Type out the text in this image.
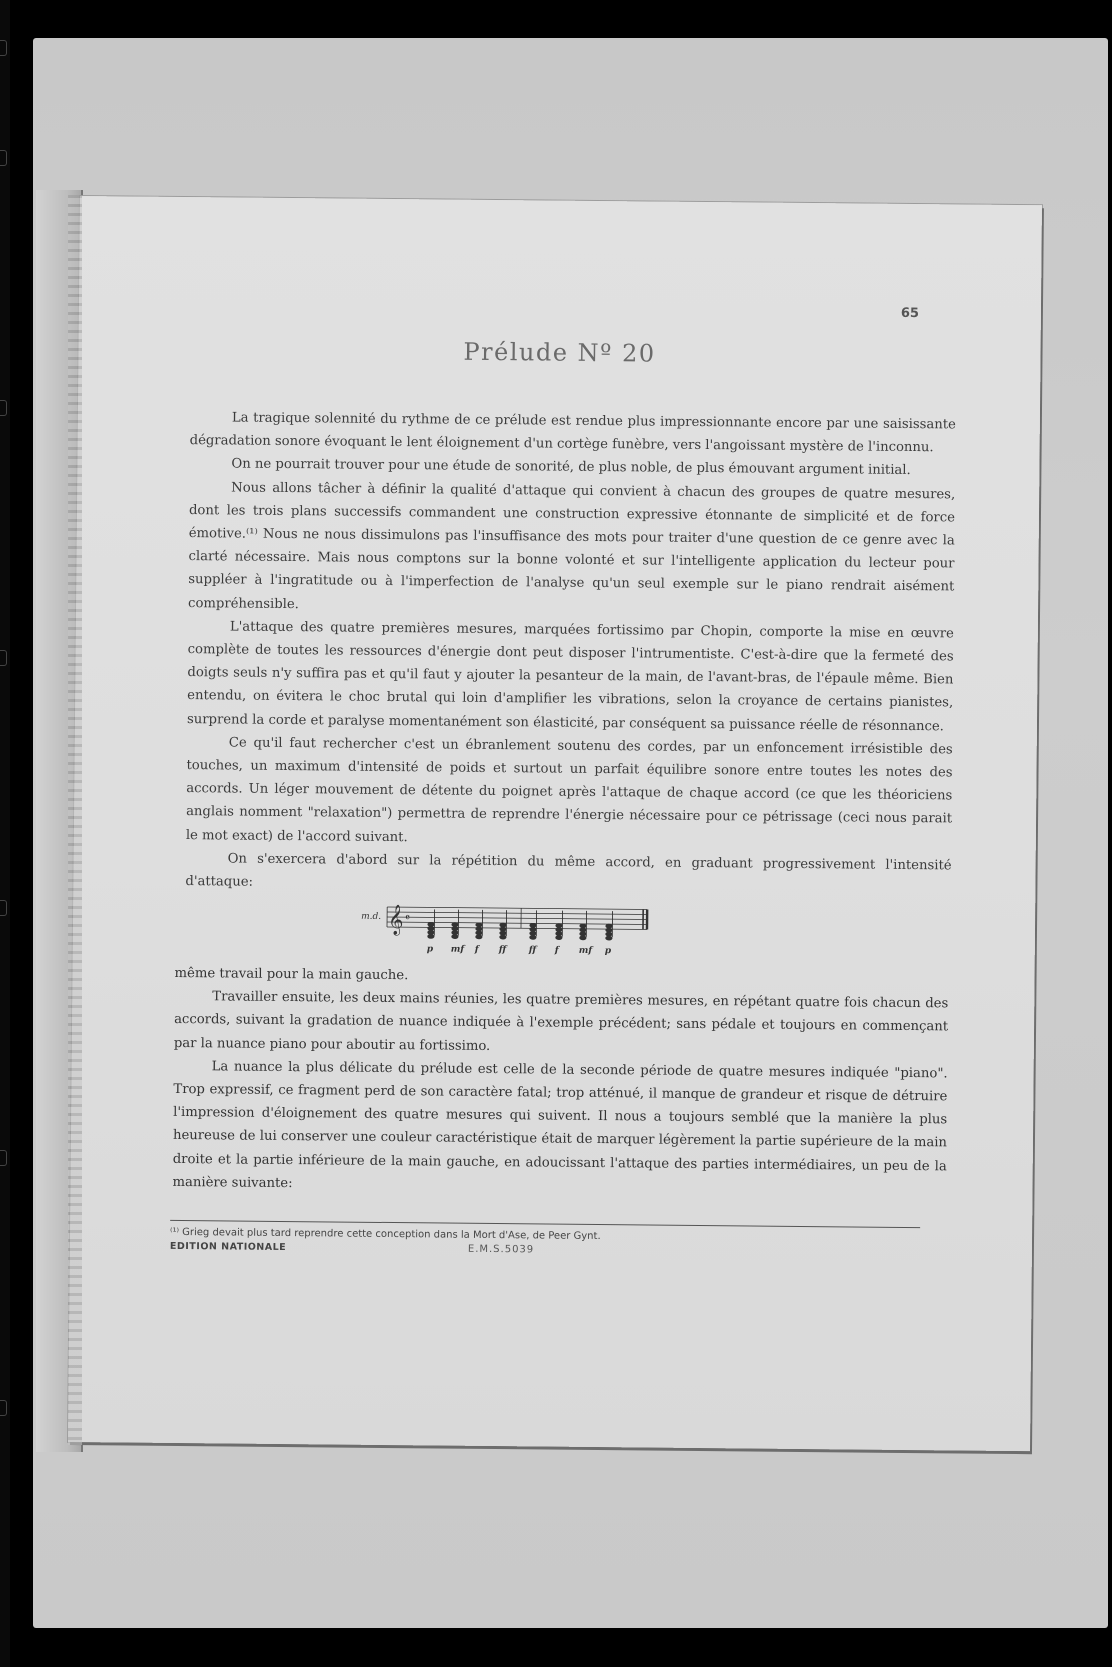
65
Prélude Nº 20

La tragique solennité du rythme de ce prélude est rendue plus impressionnante encore par une saisissante dégradation sonore évoquant le lent éloignement d'un cortège funèbre, vers l'angoissant mystère de l'inconnu.

On ne pourrait trouver pour une étude de sonorité, de plus noble, de plus émouvant argument initial.

Nous allons tâcher à définir la qualité d'attaque qui convient à chacun des groupes de quatre mesures, dont les trois plans successifs commandent une construction expressive étonnante de simplicité et de force émotive.⁽¹⁾ Nous ne nous dissimulons pas l'insuffisance des mots pour traiter d'une question de ce genre avec la clarté nécessaire. Mais nous comptons sur la bonne volonté et sur l'intelligente application du lecteur pour suppléer à l'ingratitude ou à l'imperfection de l'analyse qu'un seul exemple sur le piano rendrait aisément compréhensible.

L'attaque des quatre premières mesures, marquées fortissimo par Chopin, comporte la mise en œuvre complète de toutes les ressources d'énergie dont peut disposer l'intrumentiste. C'est-à-dire que la fermeté des doigts seuls n'y suffira pas et qu'il faut y ajouter la pesanteur de la main, de l'avant-bras, de l'épaule même. Bien entendu, on évitera le choc brutal qui loin d'amplifier les vibrations, selon la croyance de certains pianistes, surprend la corde et paralyse momentanément son élasticité, par conséquent sa puissance réelle de résonnance.

Ce qu'il faut rechercher c'est un ébranlement soutenu des cordes, par un enfoncement irrésistible des touches, un maximum d'intensité de poids et surtout un parfait équilibre sonore entre toutes les notes des accords. Un léger mouvement de détente du poignet après l'attaque de chaque accord (ce que les théoriciens anglais nomment "relaxation") permettra de reprendre l'énergie nécessaire pour ce pétrissage (ceci nous parait le mot exact) de l'accord suivant.

On s'exercera d'abord sur la répétition du même accord, en graduant progressivement l'intensité d'attaque:

m.d. 𝄞 𝄴
p mf f ff ff f mf p

même travail pour la main gauche.

Travailler ensuite, les deux mains réunies, les quatre premières mesures, en répétant quatre fois chacun des accords, suivant la gradation de nuance indiquée à l'exemple précédent; sans pédale et toujours en commençant par la nuance piano pour aboutir au fortissimo.

La nuance la plus délicate du prélude est celle de la seconde période de quatre mesures indiquée "piano". Trop expressif, ce fragment perd de son caractère fatal; trop atténué, il manque de grandeur et risque de détruire l'impression d'éloignement des quatre mesures qui suivent. Il nous a toujours semblé que la manière la plus heureuse de lui conserver une couleur caractéristique était de marquer légèrement la partie supérieure de la main droite et la partie inférieure de la main gauche, en adoucissant l'attaque des parties intermédiaires, un peu de la manière suivante:

⁽¹⁾ Grieg devait plus tard reprendre cette conception dans la Mort d'Ase, de Peer Gynt.
EDITION NATIONALE	E.M.S.5039
